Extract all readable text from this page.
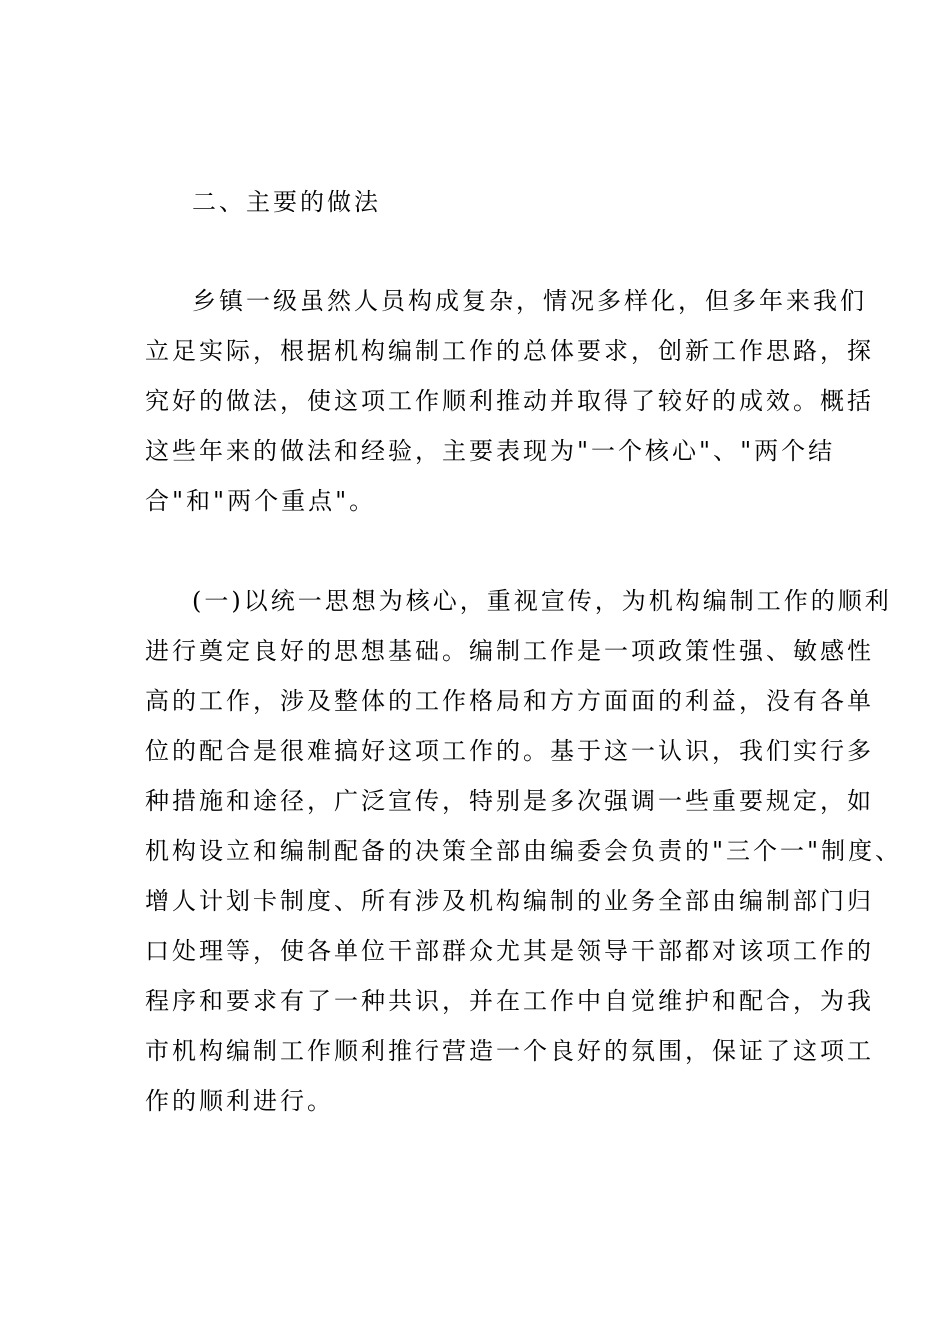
二、主要的做法

乡镇一级虽然人员构成复杂，情况多样化，但多年来我们
立足实际，根据机构编制工作的总体要求，创新工作思路，探
究好的做法，使这项工作顺利推动并取得了较好的成效。概括
这些年来的做法和经验，主要表现为"一个核心"、"两个结
合"和"两个重点"。

(一)以统一思想为核心，重视宣传，为机构编制工作的顺利
进行奠定良好的思想基础。编制工作是一项政策性强、敏感性
高的工作，涉及整体的工作格局和方方面面的利益，没有各单
位的配合是很难搞好这项工作的。基于这一认识，我们实行多
种措施和途径，广泛宣传，特别是多次强调一些重要规定，如
机构设立和编制配备的决策全部由编委会负责的"三个一"制度、
增人计划卡制度、所有涉及机构编制的业务全部由编制部门归
口处理等，使各单位干部群众尤其是领导干部都对该项工作的
程序和要求有了一种共识，并在工作中自觉维护和配合，为我
市机构编制工作顺利推行营造一个良好的氛围，保证了这项工
作的顺利进行。
